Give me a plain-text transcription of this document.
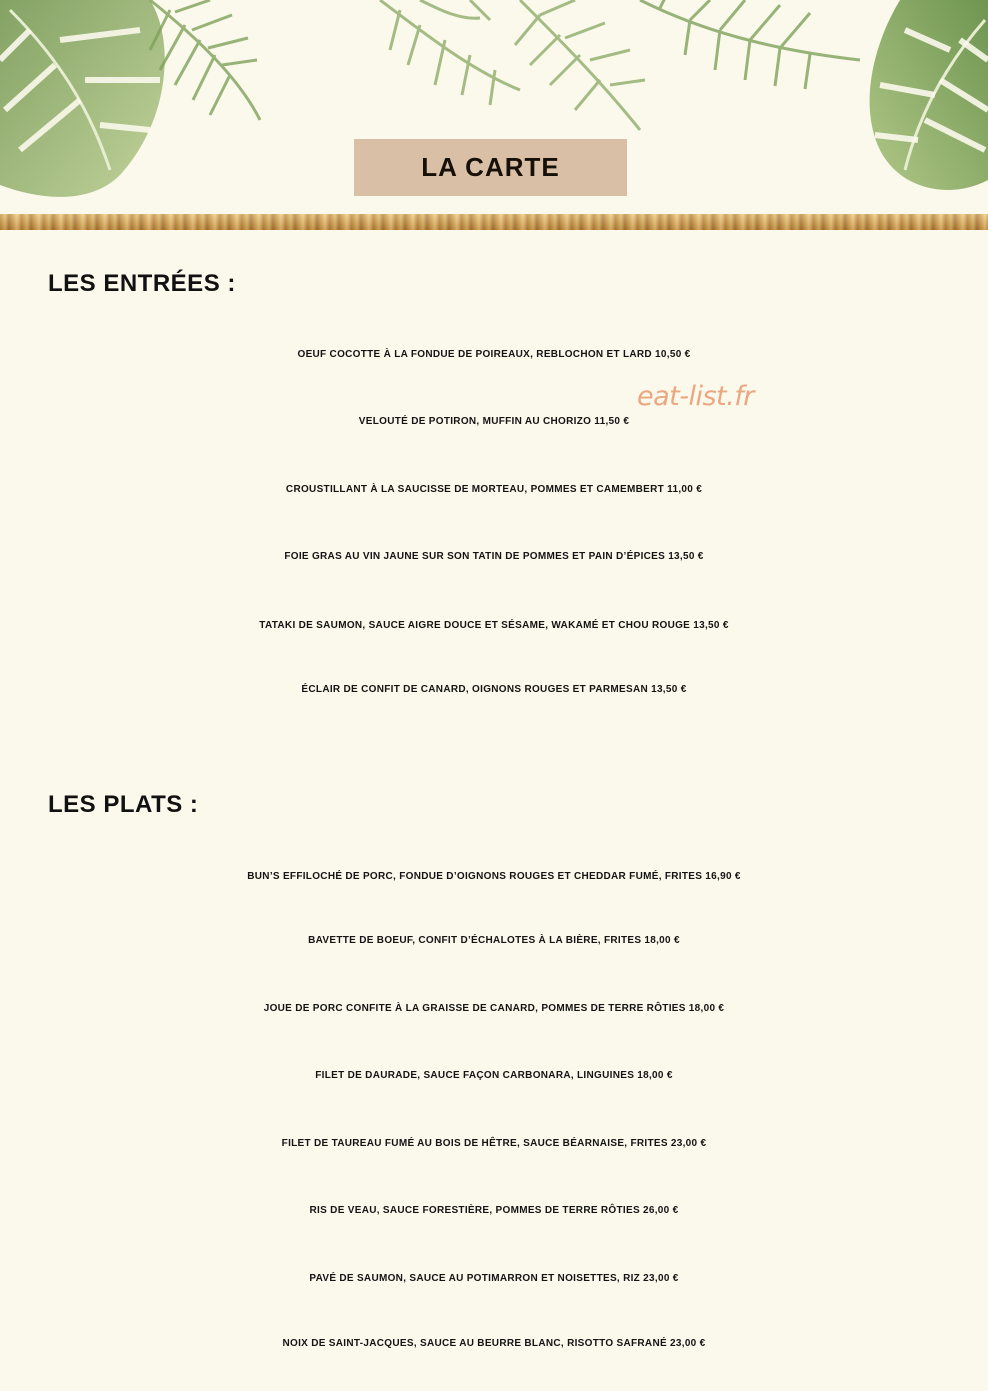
LA CARTE
eat-list.fr
LES ENTRÉES :
OEUF COCOTTE À LA FONDUE DE POIREAUX, REBLOCHON ET LARD 10,50 €
VELOUTÉ DE POTIRON, MUFFIN AU CHORIZO 11,50 €
CROUSTILLANT À LA SAUCISSE DE MORTEAU, POMMES ET CAMEMBERT 11,00 €
FOIE GRAS AU VIN JAUNE SUR SON TATIN DE POMMES ET PAIN D’ÉPICES 13,50 €
TATAKI DE SAUMON, SAUCE AIGRE DOUCE ET SÉSAME, WAKAMÉ ET CHOU ROUGE 13,50 €
ÉCLAIR DE CONFIT DE CANARD, OIGNONS ROUGES ET PARMESAN 13,50 €
LES PLATS :
BUN’S EFFILOCHÉ DE PORC, FONDUE D’OIGNONS ROUGES ET CHEDDAR FUMÉ, FRITES 16,90 €
BAVETTE DE BOEUF, CONFIT D’ÉCHALOTES À LA BIÈRE, FRITES 18,00 €
JOUE DE PORC CONFITE À LA GRAISSE DE CANARD, POMMES DE TERRE RÔTIES 18,00 €
FILET DE DAURADE, SAUCE FAÇON CARBONARA, LINGUINES 18,00 €
FILET DE TAUREAU FUMÉ AU BOIS DE HÊTRE, SAUCE BÉARNAISE, FRITES 23,00 €
RIS DE VEAU, SAUCE FORESTIÈRE, POMMES DE TERRE RÔTIES 26,00 €
PAVÉ DE SAUMON, SAUCE AU POTIMARRON ET NOISETTES, RIZ 23,00 €
NOIX DE SAINT-JACQUES, SAUCE AU BEURRE BLANC, RISOTTO SAFRANÉ 23,00 €
